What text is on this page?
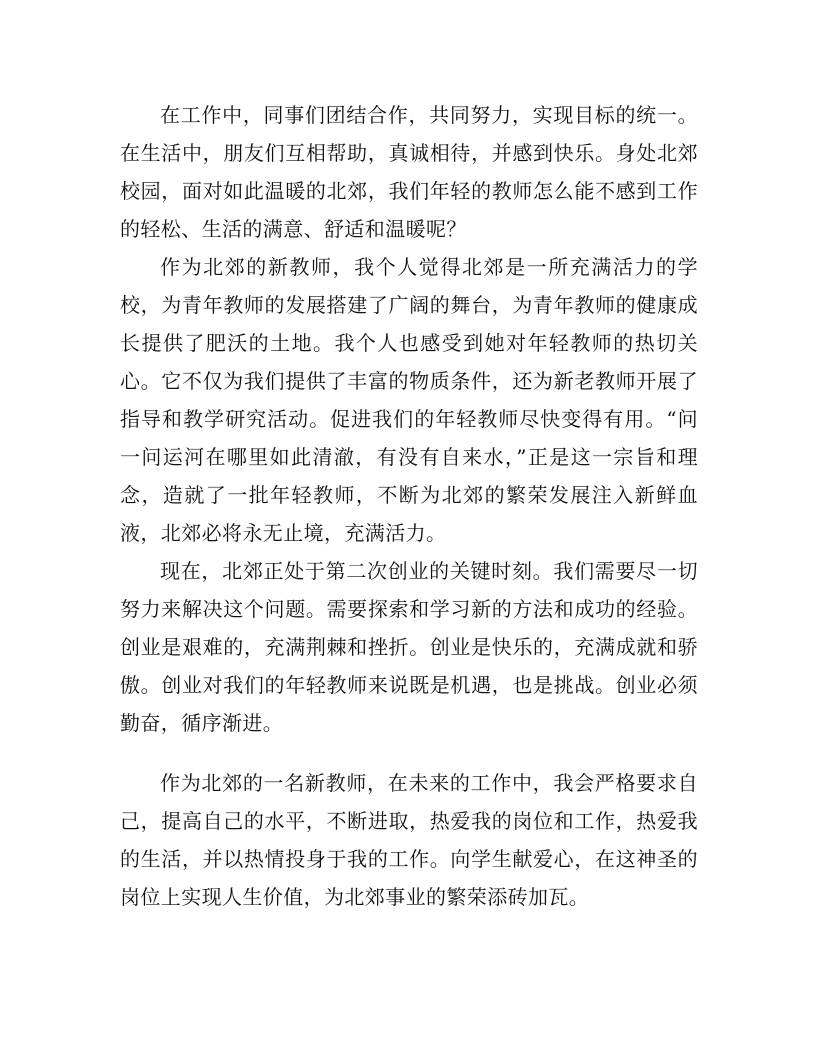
在工作中，同事们团结合作，共同努力，实现目标的统一。在生活中，朋友们互相帮助，真诚相待，并感到快乐。身处北郊校园，面对如此温暖的北郊，我们年轻的教师怎么能不感到工作的轻松、生活的满意、舒适和温暖呢？

作为北郊的新教师，我个人觉得北郊是一所充满活力的学校，为青年教师的发展搭建了广阔的舞台，为青年教师的健康成长提供了肥沃的土地。我个人也感受到她对年轻教师的热切关心。它不仅为我们提供了丰富的物质条件，还为新老教师开展了指导和教学研究活动。促进我们的年轻教师尽快变得有用。“问一问运河在哪里如此清澈，有没有自来水，”正是这一宗旨和理念，造就了一批年轻教师，不断为北郊的繁荣发展注入新鲜血液，北郊必将永无止境，充满活力。

现在，北郊正处于第二次创业的关键时刻。我们需要尽一切努力来解决这个问题。需要探索和学习新的方法和成功的经验。创业是艰难的，充满荆棘和挫折。创业是快乐的，充满成就和骄傲。创业对我们的年轻教师来说既是机遇，也是挑战。创业必须勤奋，循序渐进。

作为北郊的一名新教师，在未来的工作中，我会严格要求自己，提高自己的水平，不断进取，热爱我的岗位和工作，热爱我的生活，并以热情投身于我的工作。向学生献爱心，在这神圣的岗位上实现人生价值，为北郊事业的繁荣添砖加瓦。
